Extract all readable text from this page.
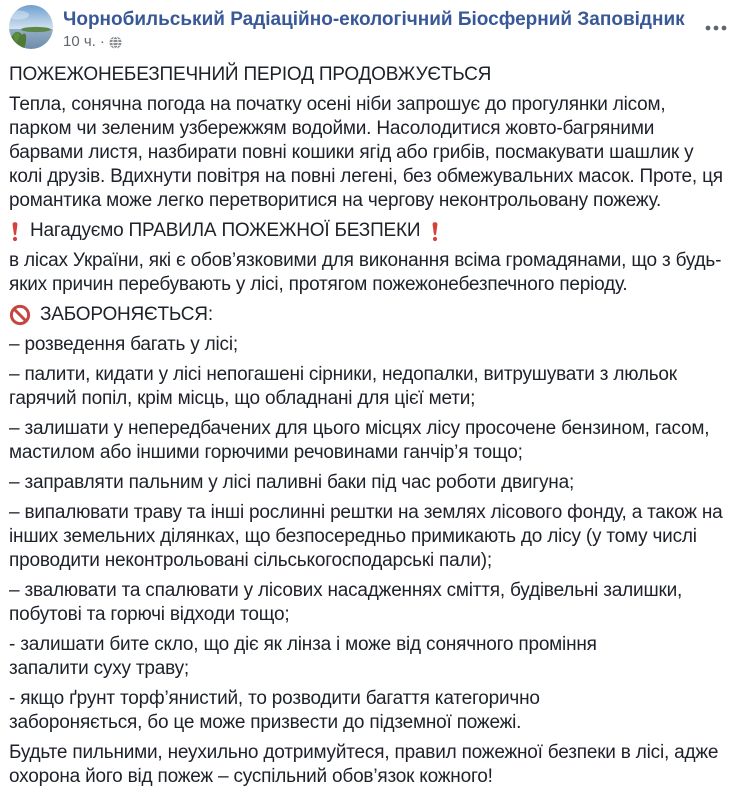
Чорнобильський Радіаційно-екологічний Біосферний Заповідник
10 ч. ·

ПОЖЕЖОНЕБЕЗПЕЧНИЙ ПЕРІОД ПРОДОВЖУЄТЬСЯ

Тепла, сонячна погода на початку осені ніби запрошує до прогулянки лісом, парком чи зеленим узбережжям водойми. Насолодитися жовто-багряними барвами листя, назбирати повні кошики ягід або грибів, посмакувати шашлик у колі друзів. Вдихнути повітря на повні легені, без обмежувальних масок. Проте, ця романтика може легко перетворитися на чергову неконтрольовану пожежу.

Нагадуємо ПРАВИЛА ПОЖЕЖНОЇ БЕЗПЕКИ

в лісах України, які є обов’язковими для виконання всіма громадянами, що з будь-яких причин перебувають у лісі, протягом пожежонебезпечного періоду.

ЗАБОРОНЯЄТЬСЯ:

– розведення багать у лісі;

– палити, кидати у лісі непогашені сірники, недопалки, витрушувати з люльок гарячий попіл, крім місць, що обладнані для цієї мети;

– залишати у непередбачених для цього місцях лісу просочене бензином, гасом, мастилом або іншими горючими речовинами ганчір’я тощо;

– заправляти пальним у лісі паливні баки під час роботи двигуна;

– випалювати траву та інші рослинні рештки на землях лісового фонду, а також на інших земельних ділянках, що безпосередньо примикають до лісу (у тому числі проводити неконтрольовані сільськогосподарські пали);

– звалювати та спалювати у лісових насадженнях сміття, будівельні залишки, побутові та горючі відходи тощо;

- залишати бите скло, що діє як лінза і може від сонячного проміння
запалити суху траву;

- якщо ґрунт торф’янистий, то розводити багаття категорично
забороняється, бо це може призвести до підземної пожежі.

Будьте пильними, неухильно дотримуйтеся, правил пожежної безпеки в лісі, адже охорона його від пожеж – суспільний обов’язок кожного!
